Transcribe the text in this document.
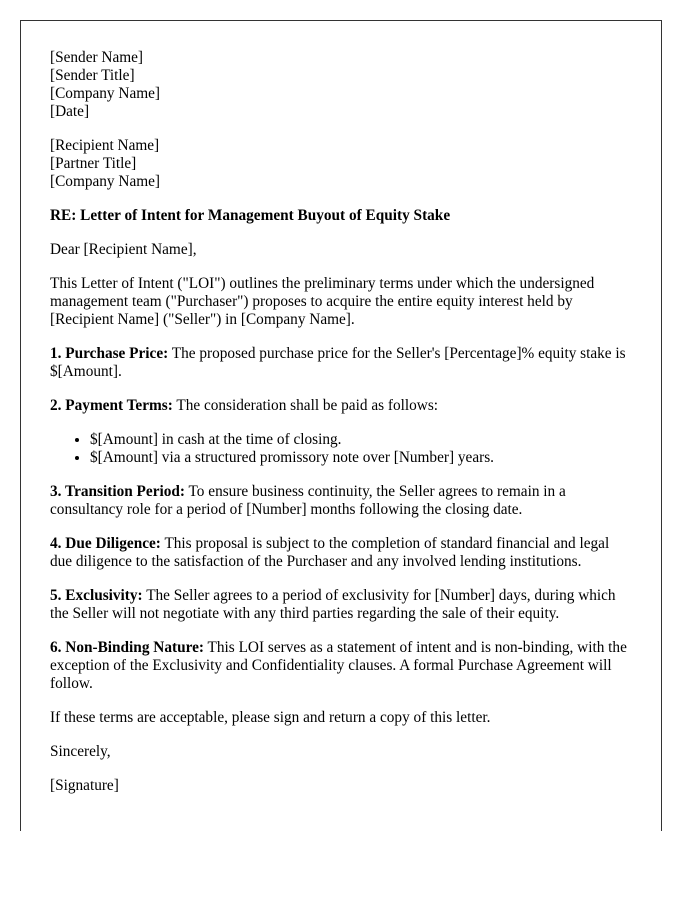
[Sender Name]
[Sender Title]
[Company Name]
[Date]
[Recipient Name]
[Partner Title]
[Company Name]

RE: Letter of Intent for Management Buyout of Equity Stake

Dear [Recipient Name],

This Letter of Intent ("LOI") outlines the preliminary terms under which the undersigned management team ("Purchaser") proposes to acquire the entire equity interest held by [Recipient Name] ("Seller") in [Company Name].

1. Purchase Price: The proposed purchase price for the Seller's [Percentage]% equity stake is $[Amount].

2. Payment Terms: The consideration shall be paid as follows:

• $[Amount] in cash at the time of closing.
• $[Amount] via a structured promissory note over [Number] years.

3. Transition Period: To ensure business continuity, the Seller agrees to remain in a consultancy role for a period of [Number] months following the closing date.

4. Due Diligence: This proposal is subject to the completion of standard financial and legal due diligence to the satisfaction of the Purchaser and any involved lending institutions.

5. Exclusivity: The Seller agrees to a period of exclusivity for [Number] days, during which the Seller will not negotiate with any third parties regarding the sale of their equity.

6. Non-Binding Nature: This LOI serves as a statement of intent and is non-binding, with the exception of the Exclusivity and Confidentiality clauses. A formal Purchase Agreement will follow.

If these terms are acceptable, please sign and return a copy of this letter.

Sincerely,

[Signature]
